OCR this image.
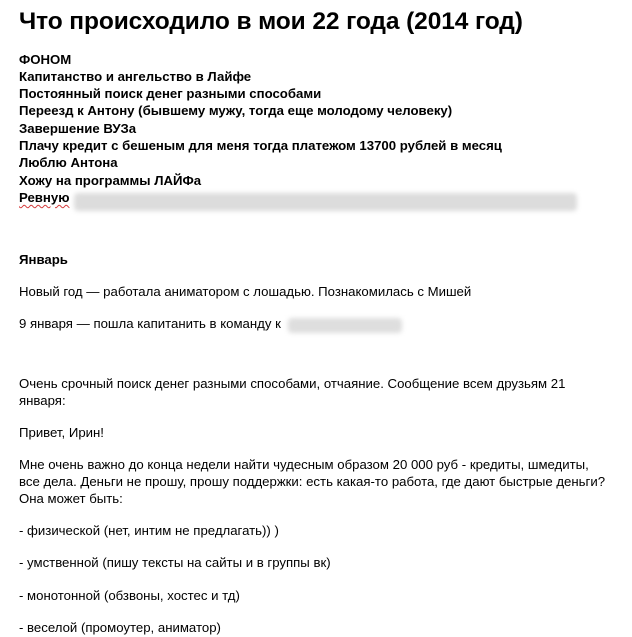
Что происходило в мои 22 года (2014 год)
ФОНОМ
Капитанство и ангельство в Лайфе
Постоянный поиск денег разными способами
Переезд к Антону (бывшему мужу, тогда еще молодому человеку)
Завершение ВУЗа
Плачу кредит с бешеным для меня тогда платежом 13700 рублей в месяц
Люблю Антона
Хожу на программы ЛАЙФа
Ревную
Январь
Новый год — работала аниматором с лошадью. Познакомилась с Мишей
9 января — пошла капитанить в команду к
Очень срочный поиск денег разными способами, отчаяние. Сообщение всем друзьям 21
января:
Привет, Ирин!
Мне очень важно до конца недели найти чудесным образом 20 000 руб - кредиты, шмедиты,
все дела. Деньги не прошу, прошу поддержки: есть какая-то работа, где дают быстрые деньги?
Она может быть:
- физической (нет, интим не предлагать)) )
- умственной (пишу тексты на сайты и в группы вк)
- монотонной (обзвоны, хостес и тд)
- веселой (промоутер, аниматор)
